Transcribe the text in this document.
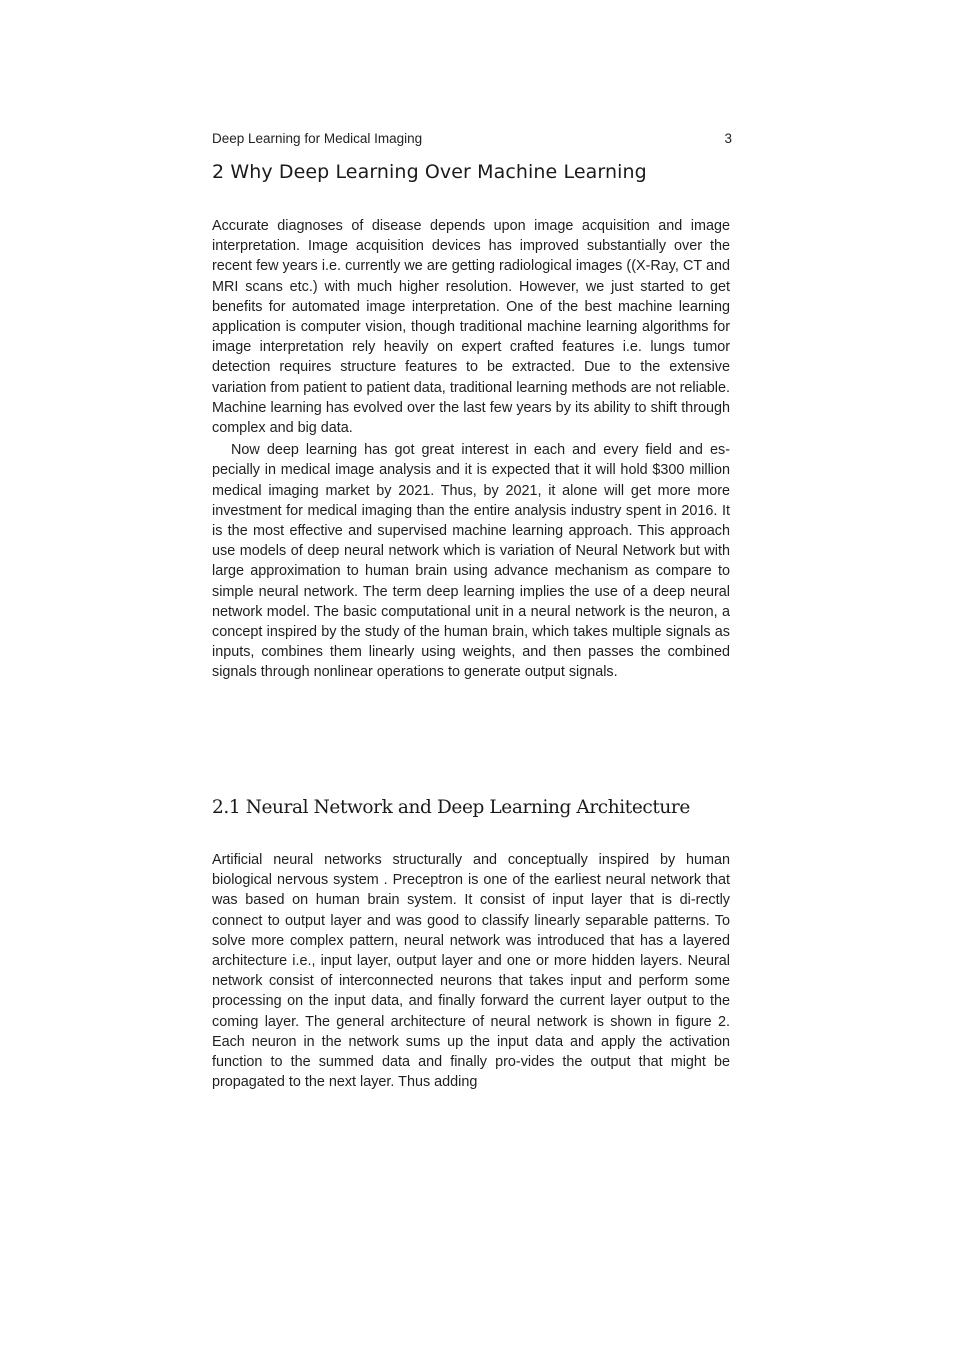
Deep Learning for Medical Imaging	3
2 Why Deep Learning Over Machine Learning

Accurate diagnoses of disease depends upon image acquisition and image interpretation. Image acquisition devices has improved substantially over the recent few years i.e. currently we are getting radiological images ((X-Ray, CT and MRI scans etc.) with much higher resolution. However, we just started to get benefits for automated image interpretation. One of the best machine learning application is computer vision, though traditional machine learning algorithms for image interpretation rely heavily on expert crafted features i.e. lungs tumor detection requires structure features to be extracted. Due to the extensive variation from patient to patient data, traditional learning methods are not reliable. Machine learning has evolved over the last few years by its ability to shift through complex and big data.

Now deep learning has got great interest in each and every field and especially in medical image analysis and it is expected that it will hold $300 million medical imaging market by 2021. Thus, by 2021, it alone will get more more investment for medical imaging than the entire analysis industry spent in 2016. It is the most effective and supervised machine learning approach. This approach use models of deep neural network which is variation of Neural Network but with large approximation to human brain using advance mechanism as compare to simple neural network. The term deep learning implies the use of a deep neural network model. The basic computational unit in a neural network is the neuron, a concept inspired by the study of the human brain, which takes multiple signals as inputs, combines them linearly using weights, and then passes the combined signals through nonlinear operations to generate output signals.

2.1 Neural Network and Deep Learning Architecture

Artificial neural networks structurally and conceptually inspired by human biological nervous system . Preceptron is one of the earliest neural network that was based on human brain system. It consist of input layer that is di-rectly connect to output layer and was good to classify linearly separable patterns. To solve more complex pattern, neural network was introduced that has a layered architecture i.e., input layer, output layer and one or more hidden layers. Neural network consist of interconnected neurons that takes input and perform some processing on the input data, and finally forward the current layer output to the coming layer. The general architecture of neural network is shown in figure 2. Each neuron in the network sums up the input data and apply the activation function to the summed data and finally pro-vides the output that might be propagated to the next layer. Thus adding
